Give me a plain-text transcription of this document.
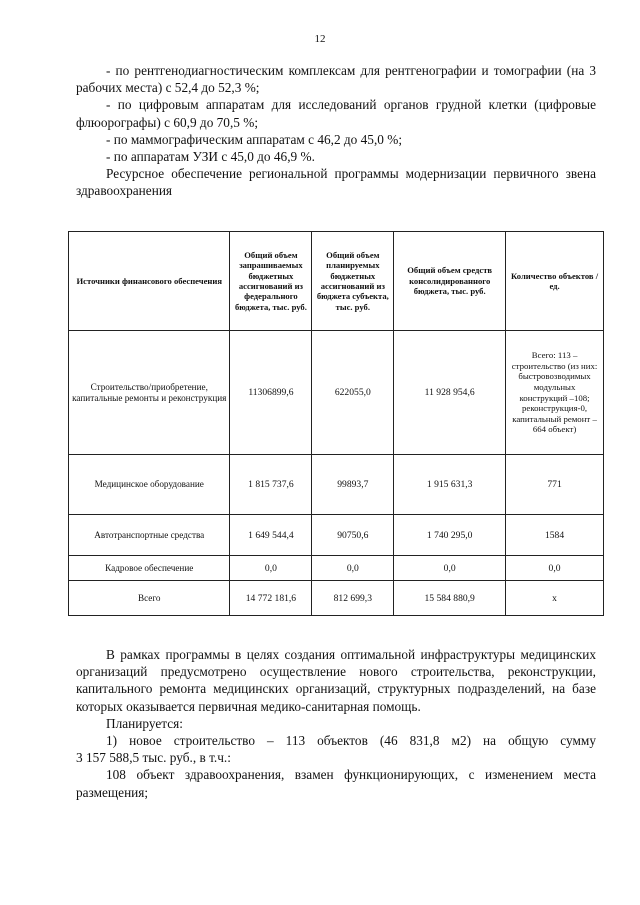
12

- по рентгенодиагностическим комплексам для рентгенографии и томографии (на 3 рабочих места) с 52,4 до 52,3 %;

- по цифровым аппаратам для исследований органов грудной клетки (цифровые флюорографы) с 60,9 до 70,5 %;

- по маммографическим аппаратам с 46,2 до 45,0 %;

- по аппаратам УЗИ с 45,0 до 46,9 %.

Ресурсное обеспечение региональной программы модернизации первичного звена здравоохранения

Источники финансового обеспечения	Общий объем запрашиваемых бюджетных ассигнований из федерального бюджета, тыс. руб.	Общий объем планируемых бюджетных ассигнований из бюджета субъекта, тыс. руб.	Общий объем средств консолидированного бюджета, тыс. руб.	Количество объектов / ед.
Строительство/приобретение, капитальные ремонты и реконструкция	11306899,6	622055,0	11 928 954,6	Всего: 113 – строительство (из них: быстровозводимых модульных конструкций –108; реконструкция-0, капитальный ремонт – 664 объект)
Медицинское оборудование	1 815 737,6	99893,7	1 915 631,3	771
Автотранспортные средства	1 649 544,4	90750,6	1 740 295,0	1584
Кадровое обеспечение	0,0	0,0	0,0	0,0
Всего	14 772 181,6	812 699,3	15 584 880,9	х

В рамках программы в целях создания оптимальной инфраструктуры медицинских организаций предусмотрено осуществление нового строительства, реконструкции, капитального ремонта медицинских организаций, структурных подразделений, на базе которых оказывается первичная медико-санитарная помощь.

Планируется:

1) новое строительство – 113 объектов (46 831,8 м2) на общую сумму

3 157 588,5 тыс. руб., в т.ч.:

108 объект здравоохранения, взамен функционирующих, с изменением места размещения;
